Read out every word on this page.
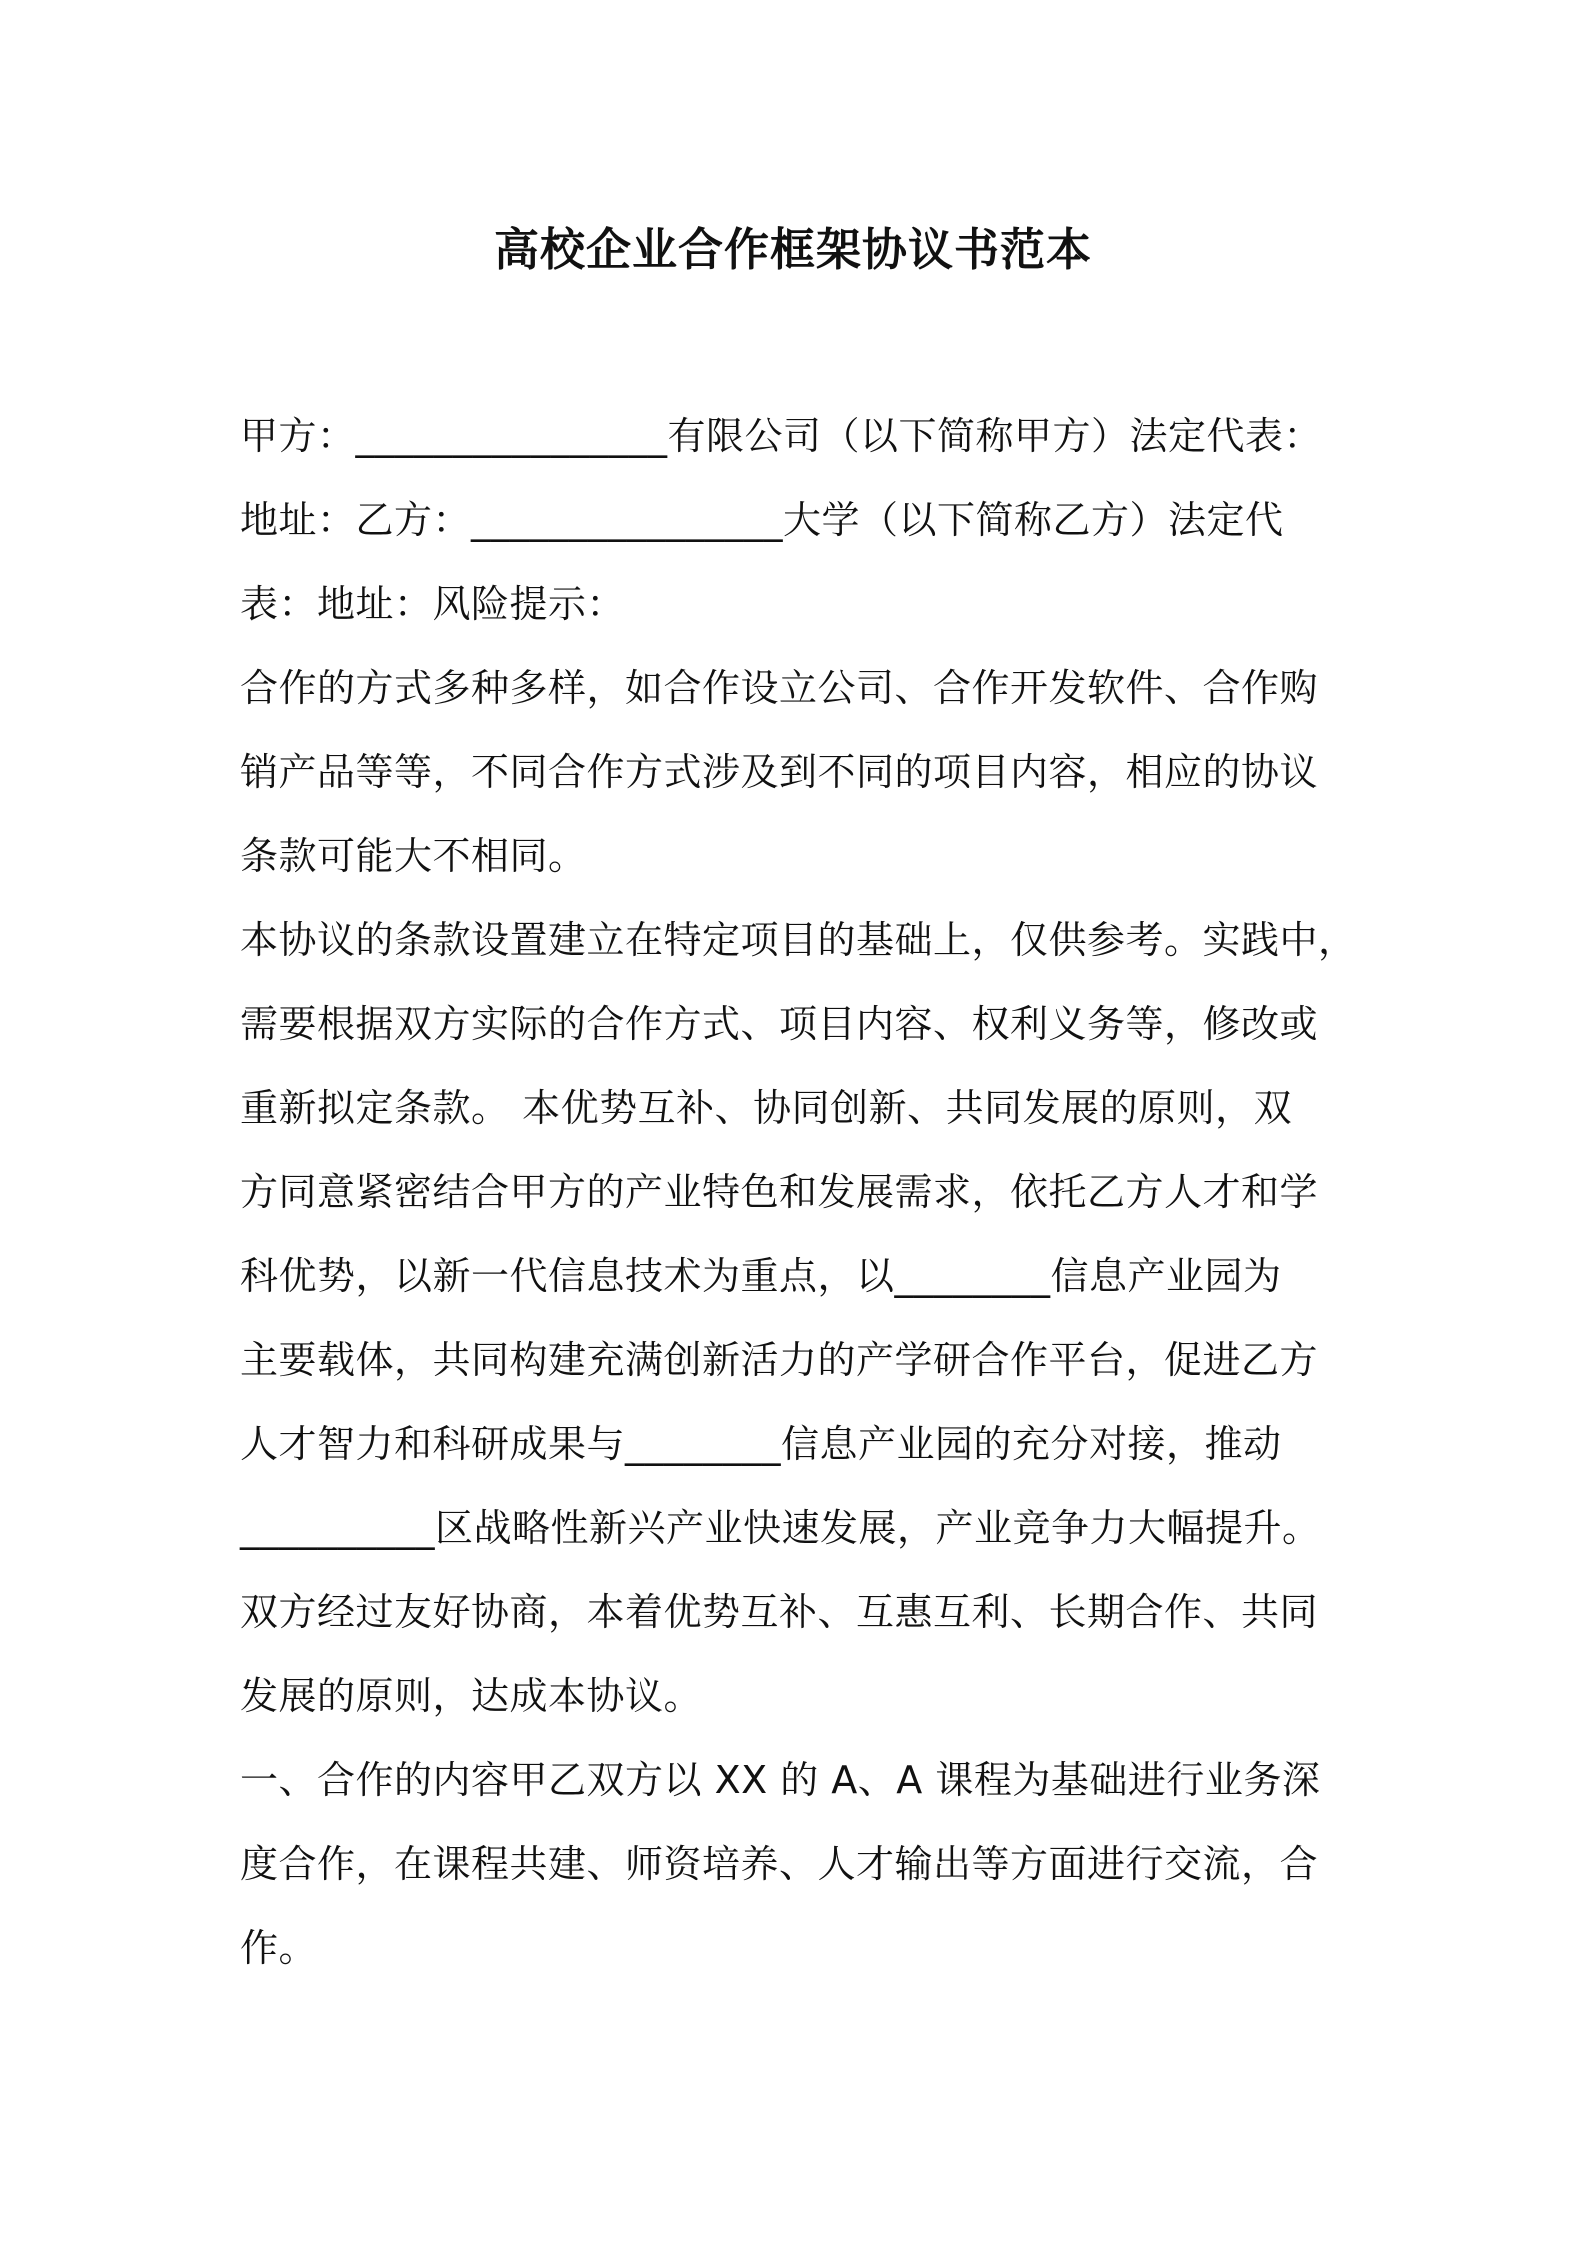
高校企业合作框架协议书范本
甲方：________________有限公司（以下简称甲方）法定代表：
地址：乙方：________________大学（以下简称乙方）法定代
表：地址：风险提示：
合作的方式多种多样，如合作设立公司、合作开发软件、合作购
销产品等等，不同合作方式涉及到不同的项目内容，相应的协议
条款可能大不相同。
本协议的条款设置建立在特定项目的基础上，仅供参考。实践中，
需要根据双方实际的合作方式、项目内容、权利义务等，修改或
重新拟定条款。 本优势互补、协同创新、共同发展的原则，双
方同意紧密结合甲方的产业特色和发展需求，依托乙方人才和学
科优势，以新一代信息技术为重点，以________信息产业园为
主要载体，共同构建充满创新活力的产学研合作平台，促进乙方
人才智力和科研成果与________信息产业园的充分对接，推动
__________区战略性新兴产业快速发展，产业竞争力大幅提升。
双方经过友好协商，本着优势互补、互惠互利、长期合作、共同
发展的原则，达成本协议。
一、合作的内容甲乙双方以 XX 的 A、A 课程为基础进行业务深
度合作，在课程共建、师资培养、人才输出等方面进行交流，合
作。
